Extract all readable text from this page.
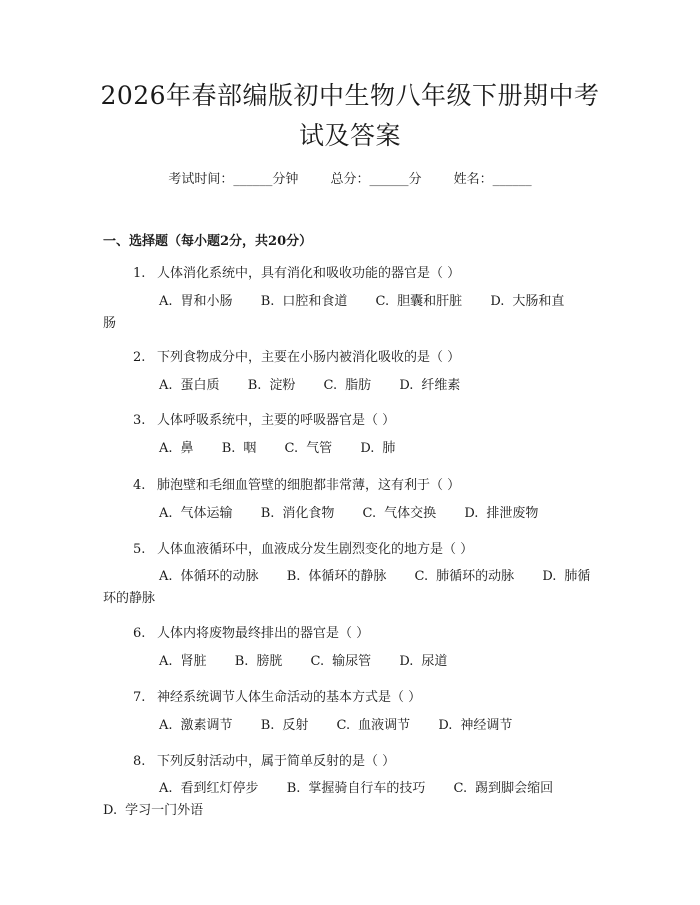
2026年春部编版初中生物八年级下册期中考试及答案
考试时间：______分钟 总分：______分 姓名：______
一、选择题（每小题2分，共20分）
1. 人体消化系统中，具有消化和吸收功能的器官是（ ）
A. 胃和小肠 B. 口腔和食道 C. 胆囊和肝脏 D. 大肠和直肠
2. 下列食物成分中，主要在小肠内被消化吸收的是（ ）
A. 蛋白质 B. 淀粉 C. 脂肪 D. 纤维素
3. 人体呼吸系统中，主要的呼吸器官是（ ）
A. 鼻 B. 咽 C. 气管 D. 肺
4. 肺泡壁和毛细血管壁的细胞都非常薄，这有利于（ ）
A. 气体运输 B. 消化食物 C. 气体交换 D. 排泄废物
5. 人体血液循环中，血液成分发生剧烈变化的地方是（ ）
A. 体循环的动脉 B. 体循环的静脉 C. 肺循环的动脉 D. 肺循环的静脉
6. 人体内将废物最终排出的器官是（ ）
A. 肾脏 B. 膀胱 C. 输尿管 D. 尿道
7. 神经系统调节人体生命活动的基本方式是（ ）
A. 激素调节 B. 反射 C. 血液调节 D. 神经调节
8. 下列反射活动中，属于简单反射的是（ ）
A. 看到红灯停步 B. 掌握骑自行车的技巧 C. 踢到脚会缩回 D. 学习一门外语
